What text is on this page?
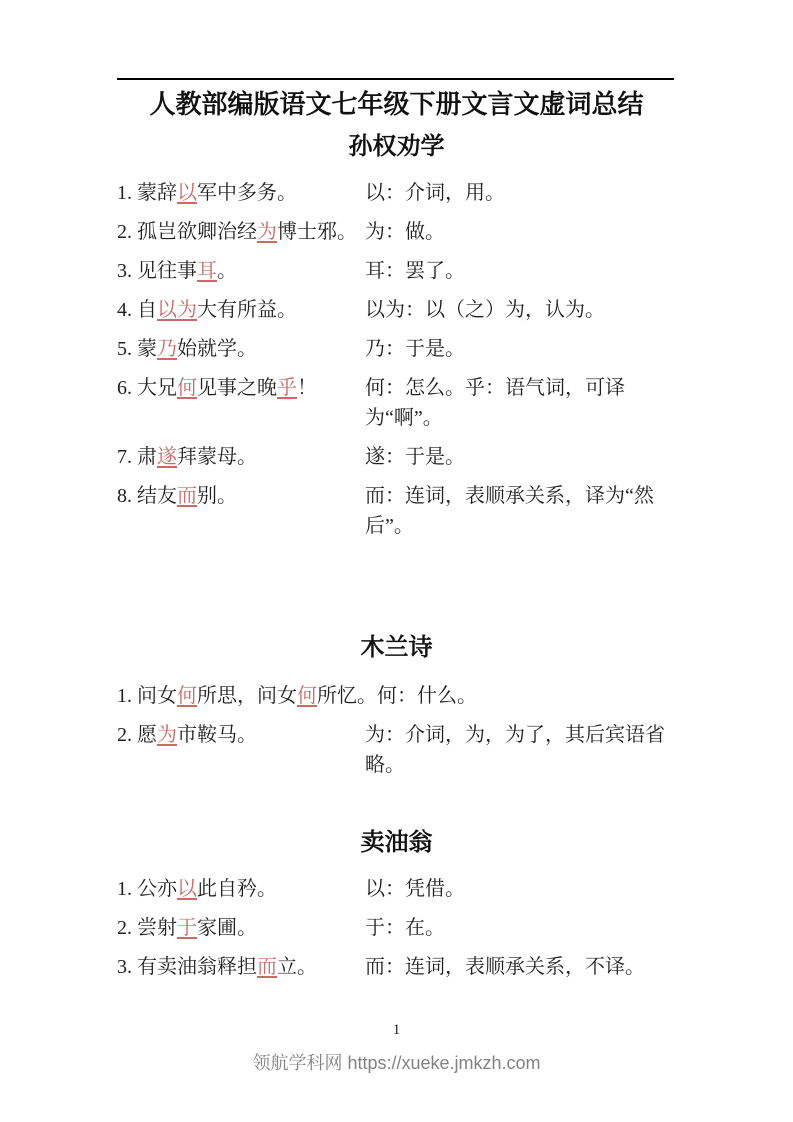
人教部编版语文七年级下册文言文虚词总结
孙权劝学
1. 蒙辞以军中多务。	以：介词，用。
2. 孤岂欲卿治经为博士邪。 为：做。
3. 见往事耳。	耳：罢了。
4. 自以为大有所益。	以为：以（之）为，认为。
5. 蒙乃始就学。	乃：于是。
6. 大兄何见事之晚乎！	何：怎么。乎：语气词，可译为“啊”。
7. 肃遂拜蒙母。	遂：于是。
8. 结友而别。	而：连词，表顺承关系，译为“然后”。
木兰诗
1. 问女何所思，问女何所忆。 何：什么。
2. 愿为市鞍马。	为：介词，为，为了，其后宾语省略。
卖油翁
1. 公亦以此自矜。	以：凭借。
2. 尝射于家圃。	于：在。
3. 有卖油翁释担而立。	而：连词，表顺承关系，不译。
1
领航学科网 https://xueke.jmkzh.com
